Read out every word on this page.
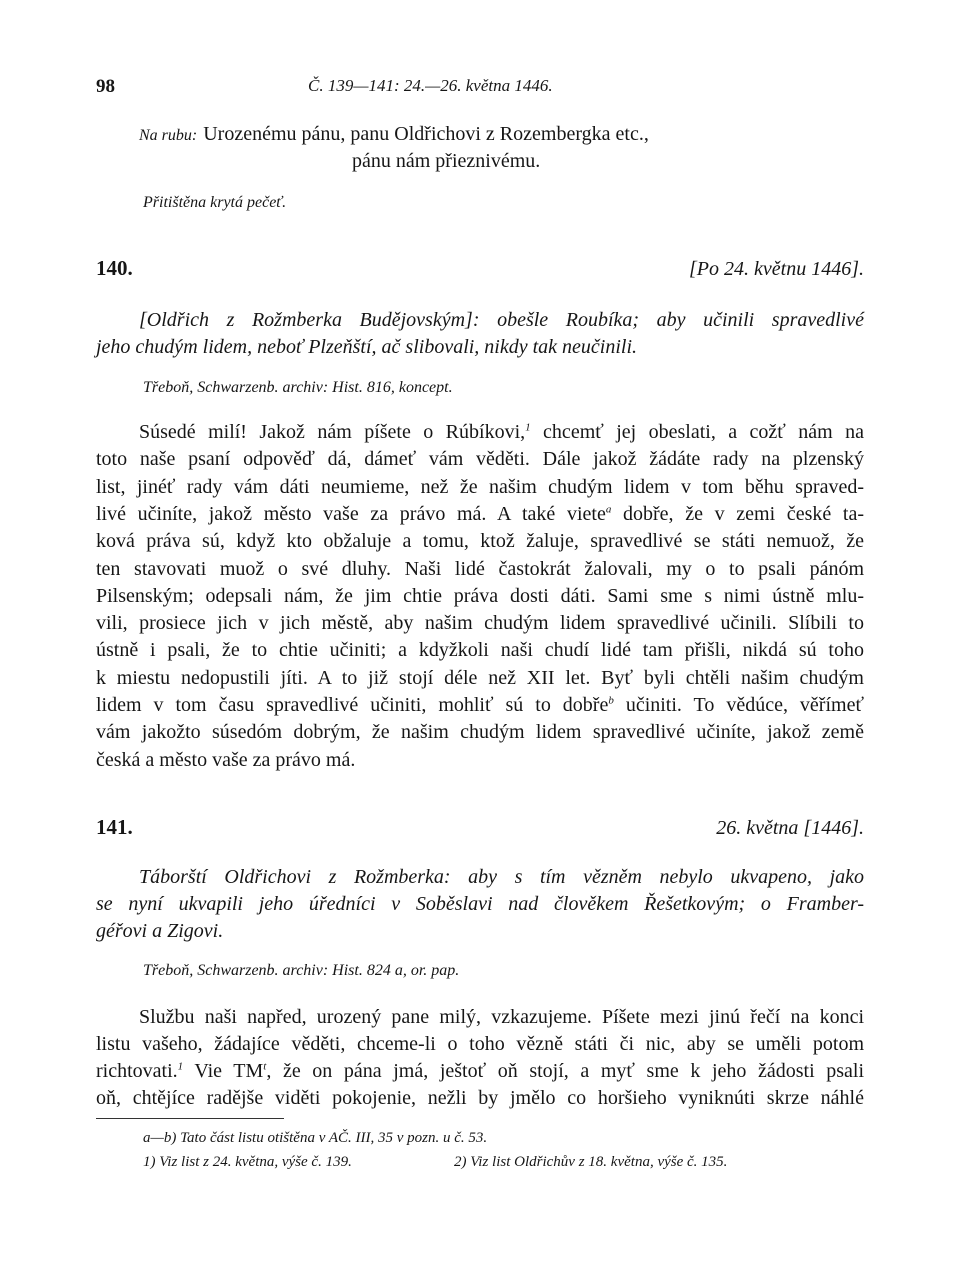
98	Č. 139—141: 24.—26. května 1446.
Na rubu: Urozenému pánu, panu Oldřichovi z Rozembergka etc.,
pánu nám přieznivému.
Přitištěna krytá pečeť.
140.	[Po 24. květnu 1446].
[Oldřich z Rožmberka Budějovským]: obešle Roubíka; aby učinili spravedlivé
jeho chudým lidem, neboť Plzeňští, ač slibovali, nikdy tak neučinili.
Třeboň, Schwarzenb. archiv: Hist. 816, koncept.
Súsedé milí! Jakož nám píšete o Rúbíkovi,$^1$ chcemť jej obeslati, a cožť nám na
toto naše psaní odpověď dá, dámeť vám věděti. Dále jakož žádáte rady na plzenský
list, jinéť rady vám dáti neumieme, než že našim chudým lidem v tom běhu spraved-
livé učiníte, jakož město vaše za právo má. A také viete$^a$ dobře, že v zemi české ta-
ková práva sú, když kto obžaluje a tomu, ktož žaluje, spravedlivé se státi nemuož, že
ten stavovati muož o své dluhy. Naši lidé častokrát žalovali, my o to psali pánóm
Pilsenským; odepsali nám, že jim chtie práva dosti dáti. Sami sme s nimi ústně mlu-
vili, prosiece jich v jich městě, aby našim chudým lidem spravedlivé učinili. Slíbili to
ústně i psali, že to chtie učiniti; a kdyžkoli naši chudí lidé tam přišli, nikdá sú toho
k miestu nedopustili jíti. A to již stojí déle než XII let. Byť byli chtěli našim chudým
lidem v tom času spravedlivé učiniti, mohliť sú to dobře$^b$ učiniti. To vědúce, věřímeť
vám jakožto súsedóm dobrým, že našim chudým lidem spravedlivé učiníte, jakož země
česká a město vaše za právo má.
141.	26. května [1446].
Táborští Oldřichovi z Rožmberka: aby s tím vězněm nebylo ukvapeno, jako
se nyní ukvapili jeho úředníci v Soběslavi nad člověkem Řešetkovým; o Framber-
géřovi a Zigovi.
Třeboň, Schwarzenb. archiv: Hist. 824 a, or. pap.
Službu naši napřed, urozený pane milý, vzkazujeme. Píšete mezi jinú řečí na konci
listu vašeho, žádajíce věděti, chceme-li o toho vězně státi či nic, aby se uměli potom
richtovati.$^1$ Vie $TM^t$, že on pána jmá, ještoť oň stojí, a myť sme k jeho žádosti psali
oň, chtějíce radějše viděti pokojenie, nežli by jmělo co horšieho vyniknúti skrze náhlé
a—b) Tato část listu otištěna v AČ. III, 35 v pozn. u č. 53.
1) Viz list z 24. května, výše č. 139.	2) Viz list Oldřichův z 18. května, výše č. 135.
